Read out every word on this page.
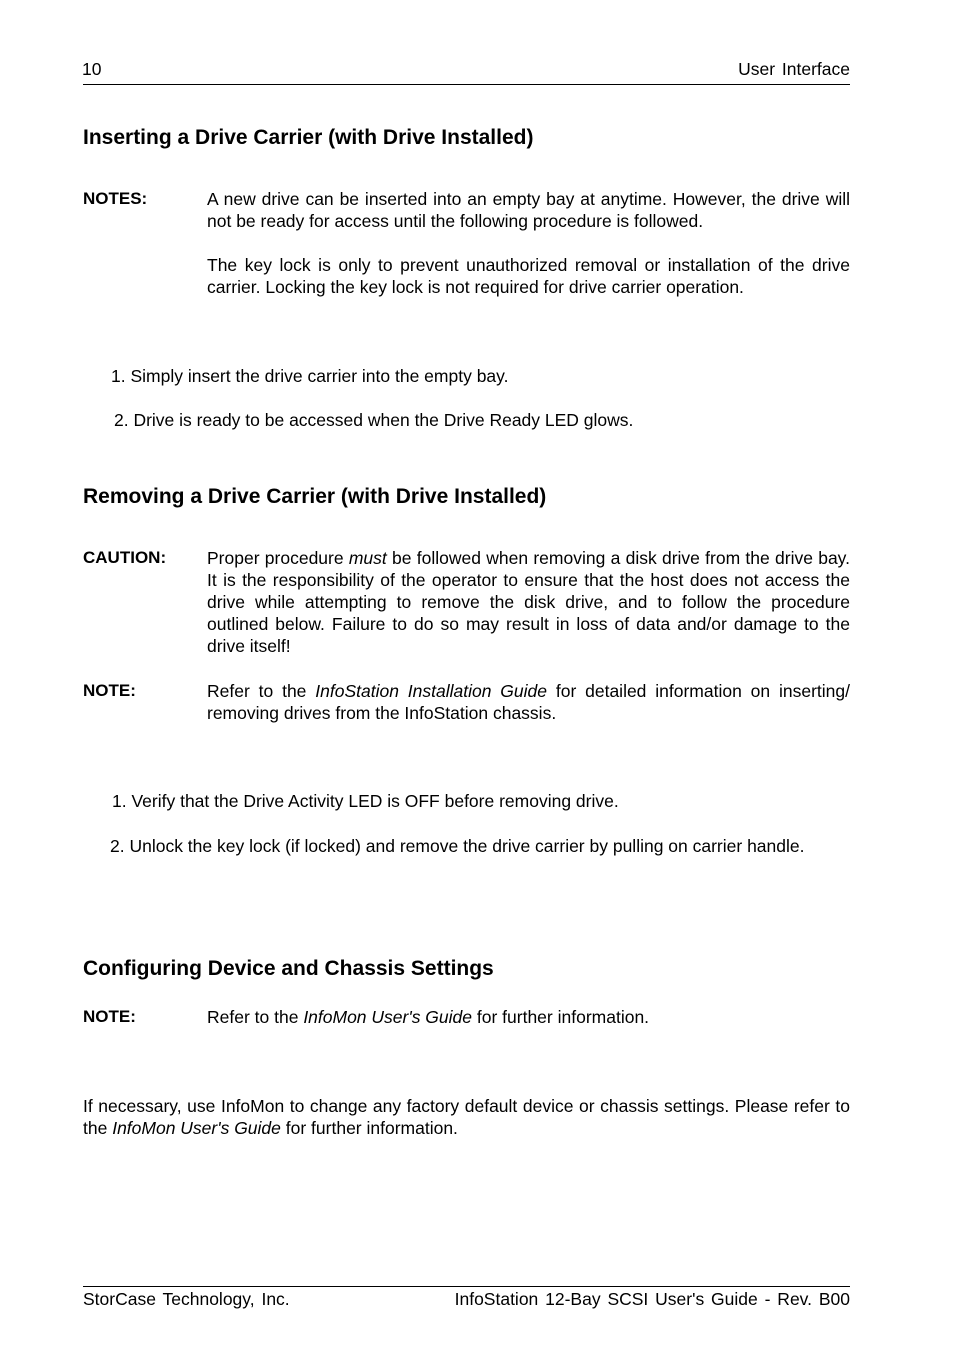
10	User Interface
Inserting a Drive Carrier (with Drive Installed)
NOTES:	A new drive can be inserted into an empty bay at anytime. However, the drive will not be ready for access until the following procedure is followed.

The key lock is only to prevent unauthorized removal or installation of the drive carrier. Locking the key lock is not required for drive carrier operation.

1. Simply insert the drive carrier into the empty bay.
2. Drive is ready to be accessed when the Drive Ready LED glows.
Removing a Drive Carrier (with Drive Installed)
CAUTION: Proper procedure must be followed when removing a disk drive from the drive bay. It is the responsibility of the operator to ensure that the host does not access the drive while attempting to remove the disk drive, and to follow the procedure outlined below. Failure to do so may result in loss of data and/or damage to the drive itself!

NOTE:	Refer to the InfoStation Installation Guide for detailed information on inserting/ removing drives from the InfoStation chassis.

1. Verify that the Drive Activity LED is OFF before removing drive.
2. Unlock the key lock (if locked) and remove the drive carrier by pulling on carrier handle.
Configuring Device and Chassis Settings
NOTE:	Refer to the InfoMon User's Guide for further information.

If necessary, use InfoMon to change any factory default device or chassis settings. Please refer to the InfoMon User's Guide for further information.

StorCase Technology, Inc.	InfoStation 12-Bay SCSI User's Guide - Rev. B00
